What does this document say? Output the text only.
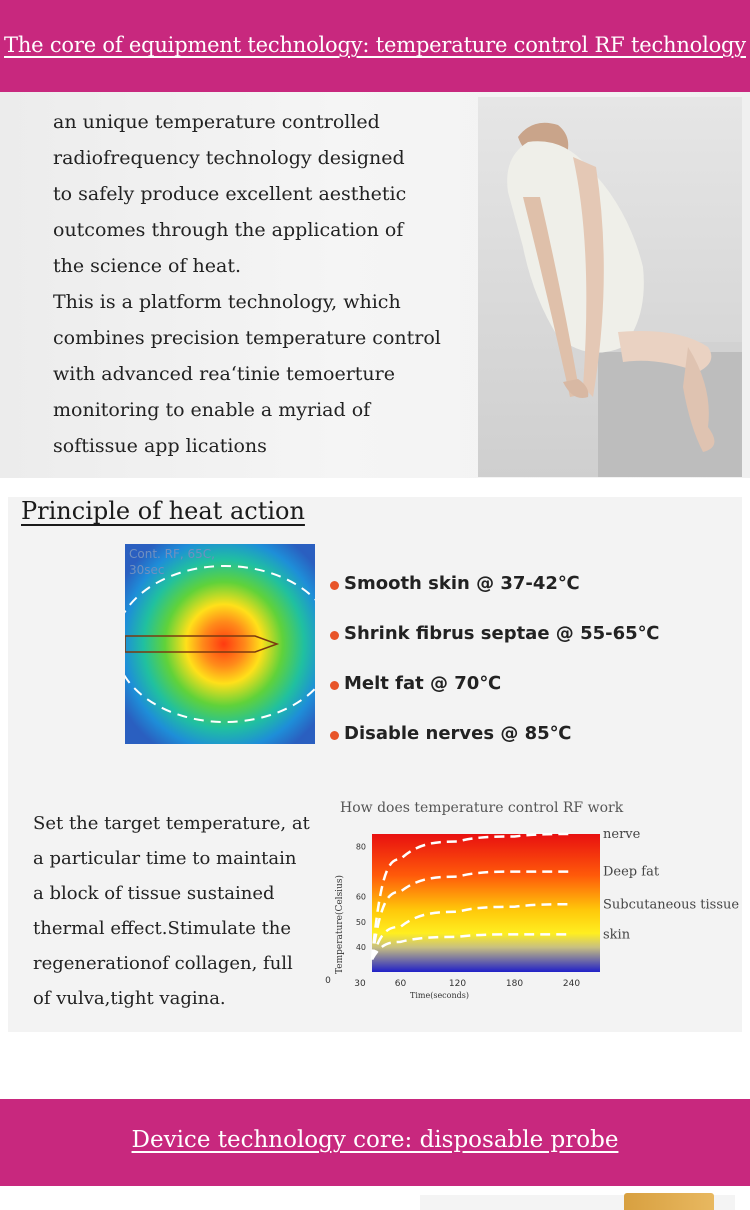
The core of equipment technology: temperature control RF technology
an unique temperature controlled
radiofrequency technology designed
to safely produce excellent aesthetic
outcomes through the application of
the science of heat.
This is a platform technology, which
combines precision temperature control
with advanced rea‘tinie temoerture
monitoring to enable a myriad of
softissue app lications
Principle of heat action
Cont. RF, 65C,
30sec
Smooth skin @ 37-42℃
Shrink fibrus septae @ 55-65℃
Melt fat @ 70℃
Disable nerves @ 85℃
Set the target temperature, at
a particular time to maintain
a block of tissue sustained
thermal effect.Stimulate the
regenerationof collagen, full
of vulva,tight vagina.
How does temperature control RF work
40
50
60
80
0	30	60	120	180	240
nerve
Deep fat
Subcutaneous tissue
skin
Temperature(Celsius)
Time(seconds)
Device technology core: disposable probe
